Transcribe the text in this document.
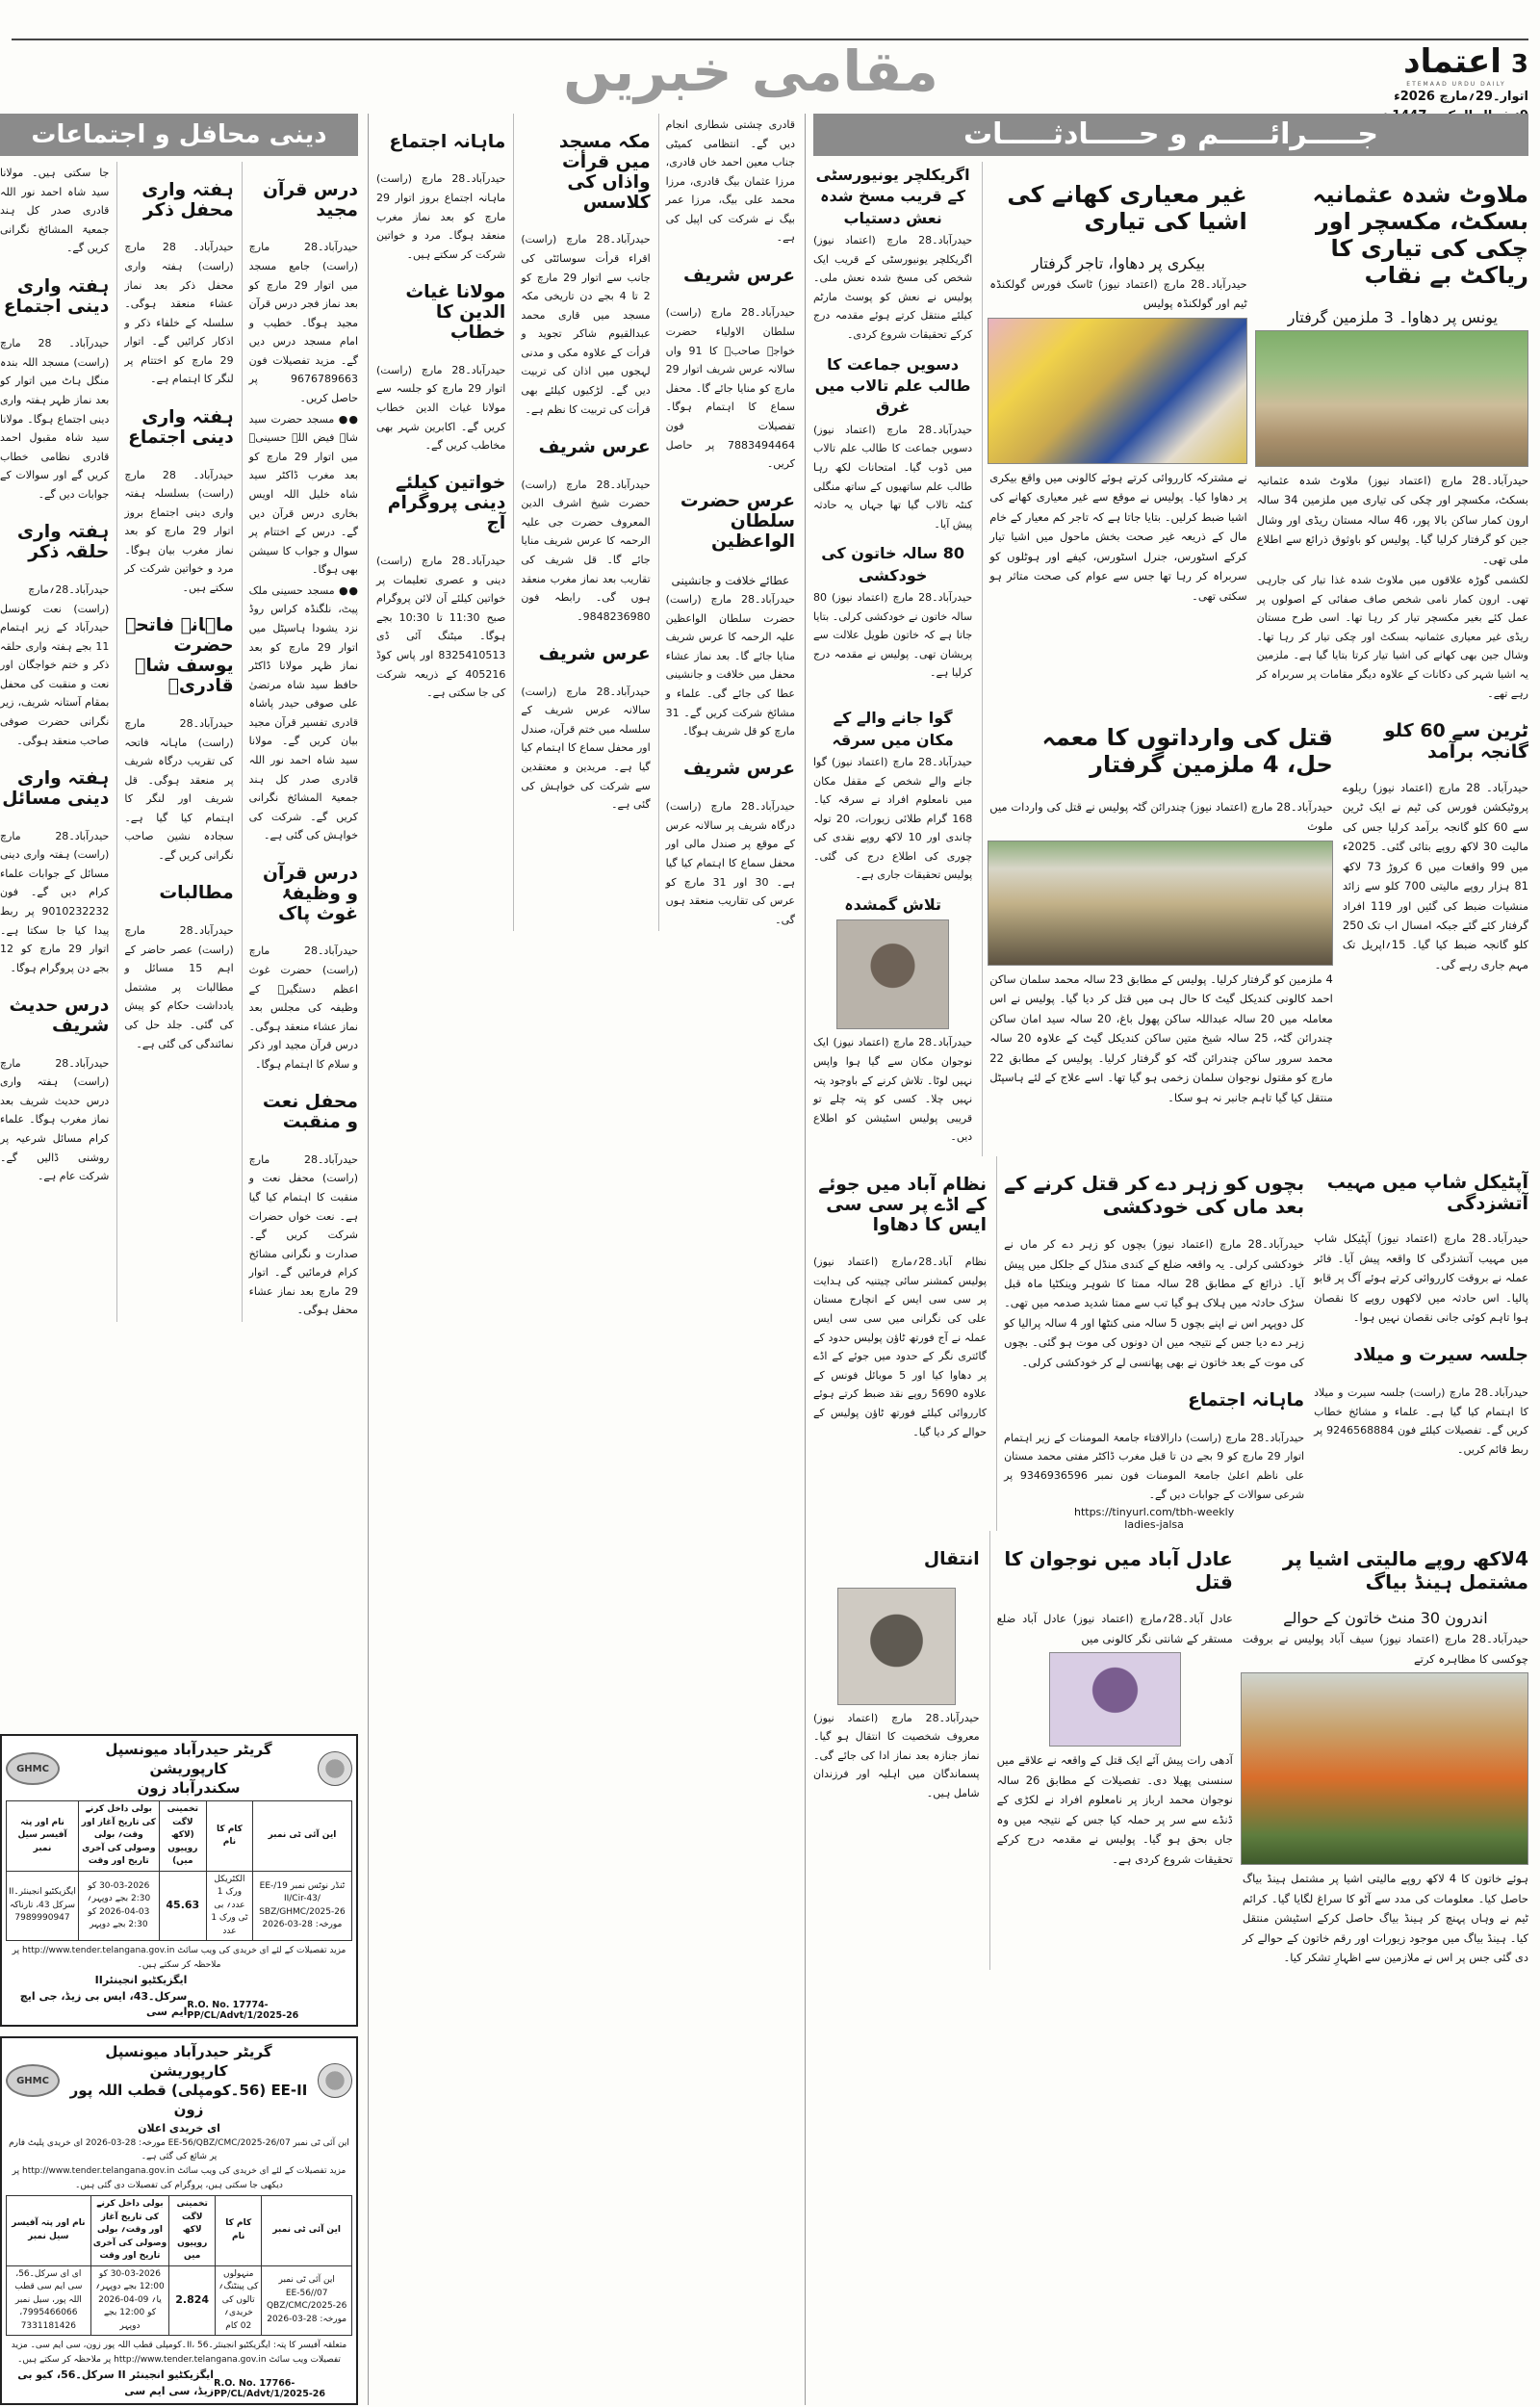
3
اعتماد
ETEMAAD URDU DAILY
اتوار۔29؍مارچ 2026ء
مقامی خبریں
جـــــرائـــــم و حـــــادثـــــات
ملاوٹ شدہ عثمانیہ بسکٹ، مکسچر اور چکی کی تیاری کا ریاکٹ بے نقاب
یونس پر دھاوا۔ 3 ملزمین گرفتار

حیدرآباد۔28 مارچ (اعتماد نیوز) ملاوٹ شدہ عثمانیہ بسکٹ، مکسچر اور چکی کی تیاری میں ملزمین 34 سالہ ارون کمار ساکن بالا پور، 46 سالہ مستان ریڈی اور وشال جین کو گرفتار کرلیا گیا۔ پولیس کو باوثوق ذرائع سے اطلاع ملی تھی۔

لکشمی گوڑہ علاقوں میں ملاوٹ شدہ غذا تیار کی جارہی تھی۔ ارون کمار نامی شخص صاف صفائی کے اصولوں پر عمل کئے بغیر مکسچر تیار کر رہا تھا۔ اسی طرح مستان ریڈی غیر معیاری عثمانیہ بسکٹ اور چکی تیار کر رہا تھا۔ وشال جین بھی کھانے کی اشیا تیار کرتا بتایا گیا ہے۔ ملزمین یہ اشیا شہر کی دکانات کے علاوہ دیگر مقامات پر سربراہ کر رہے تھے۔

غیر معیاری کھانے کی اشیا کی تیاری
بیکری پر دھاوا، تاجر گرفتار

حیدرآباد۔28 مارچ (اعتماد نیوز) ٹاسک فورس گولکنڈہ ٹیم اور گولکنڈہ پولیس

نے مشترکہ کارروائی کرتے ہوئے کالونی میں واقع بیکری پر دھاوا کیا۔ پولیس نے موقع سے غیر معیاری کھانے کی اشیا ضبط کرلیں۔ بتایا جاتا ہے کہ تاجر کم معیار کے خام مال کے ذریعہ غیر صحت بخش ماحول میں اشیا تیار کرکے اسٹورس، جنرل اسٹورس، کیفے اور ہوٹلوں کو سربراہ کر رہا تھا جس سے عوام کی صحت متاثر ہو سکتی تھی۔

اگریکلچر یونیورسٹی کے قریب مسخ شدہ نعش دستیاب

حیدرآباد۔28 مارچ (اعتماد نیوز) اگریکلچر یونیورسٹی کے قریب ایک شخص کی مسخ شدہ نعش ملی۔ پولیس نے نعش کو پوسٹ مارٹم کیلئے منتقل کرتے ہوئے مقدمہ درج کرکے تحقیقات شروع کردی۔

دسویں جماعت کا طالب علم تالاب میں غرق

حیدرآباد۔28 مارچ (اعتماد نیوز) دسویں جماعت کا طالب علم تالاب میں ڈوب گیا۔ امتحانات لکھ رہا طالب علم ساتھیوں کے ساتھ منگلی کنٹہ تالاب گیا تھا جہاں یہ حادثہ پیش آیا۔

80 سالہ خاتون کی خودکشی

حیدرآباد۔28 مارچ (اعتماد نیوز) 80 سالہ خاتون نے خودکشی کرلی۔ بتایا جاتا ہے کہ خاتون طویل علالت سے پریشان تھی۔ پولیس نے مقدمہ درج کرلیا ہے۔

ٹرین سے 60 کلو گانجہ برآمد

حیدرآباد۔ 28 مارچ (اعتماد نیوز) ریلوے پروٹیکشن فورس کی ٹیم نے ایک ٹرین سے 60 کلو گانجہ برآمد کرلیا جس کی مالیت 30 لاکھ روپے بتائی گئی۔ 2025ء میں 99 واقعات میں 6 کروڑ 73 لاکھ 81 ہزار روپے مالیتی 700 کلو سے زائد منشیات ضبط کی گئیں اور 119 افراد گرفتار کئے گئے جبکہ امسال اب تک 250 کلو گانجہ ضبط کیا گیا۔ 15؍اپریل تک مہم جاری رہے گی۔

قتل کی وارداتوں کا معمہ حل، 4 ملزمین گرفتار

حیدرآباد۔28 مارچ (اعتماد نیوز) چندرائن گٹہ پولیس نے قتل کی واردات میں ملوث

4 ملزمین کو گرفتار کرلیا۔ پولیس کے مطابق 23 سالہ محمد سلمان ساکن احمد کالونی کندیکل گیٹ کا حال ہی میں قتل کر دیا گیا۔ پولیس نے اس معاملہ میں 20 سالہ عبداللہ ساکن پھول باغ، 20 سالہ سید امان ساکن چندرائن گٹہ، 25 سالہ شیخ متین ساکن کندیکل گیٹ کے علاوہ 20 سالہ محمد سرور ساکن چندرائن گٹہ کو گرفتار کرلیا۔ پولیس کے مطابق 22 مارچ کو مقتول نوجوان سلمان زخمی ہو گیا تھا۔ اسے علاج کے لئے ہاسپٹل منتقل کیا گیا تاہم جانبر نہ ہو سکا۔

گوا جانے والے کے مکان میں سرقہ

حیدرآباد۔28 مارچ (اعتماد نیوز) گوا جانے والے شخص کے مقفل مکان میں نامعلوم افراد نے سرقہ کیا۔ 168 گرام طلائی زیورات، 20 تولہ چاندی اور 10 لاکھ روپے نقدی کی چوری کی اطلاع درج کی گئی۔ پولیس تحقیقات جاری ہے۔

تلاش گمشدہ

حیدرآباد۔28 مارچ (اعتماد نیوز) ایک نوجوان مکان سے گیا ہوا واپس نہیں لوٹا۔ تلاش کرنے کے باوجود پتہ نہیں چلا۔ کسی کو پتہ چلے تو قریبی پولیس اسٹیشن کو اطلاع دیں۔

آپٹیکل شاپ میں مہیب آتشزدگی

حیدرآباد۔28 مارچ (اعتماد نیوز) آپٹیکل شاپ میں مہیب آتشزدگی کا واقعہ پیش آیا۔ فائر عملہ نے بروقت کارروائی کرتے ہوئے آگ پر قابو پالیا۔ اس حادثہ میں لاکھوں روپے کا نقصان ہوا تاہم کوئی جانی نقصان نہیں ہوا۔

جلسہ سیرت و میلاد

حیدرآباد۔28 مارچ (راست) جلسہ سیرت و میلاد کا اہتمام کیا گیا ہے۔ علماء و مشائخ خطاب کریں گے۔ تفصیلات کیلئے فون 9246568884 پر ربط قائم کریں۔

بچوں کو زہر دے کر قتل کرنے کے بعد ماں کی خودکشی

حیدرآباد۔28 مارچ (اعتماد نیوز) بچوں کو زہر دے کر ماں نے خودکشی کرلی۔ یہ واقعہ ضلع کے کندی منڈل کے جلکل میں پیش آیا۔ ذرائع کے مطابق 28 سالہ ممتا کا شوہر وینکٹیا ماہ قبل سڑک حادثہ میں ہلاک ہو گیا تب سے ممتا شدید صدمہ میں تھی۔ کل دوپہر اس نے اپنے بچوں 5 سالہ منی کنٹھا اور 4 سالہ پرالیا کو زہر دے دیا جس کے نتیجہ میں ان دونوں کی موت ہو گئی۔ بچوں کی موت کے بعد خاتون نے بھی پھانسی لے کر خودکشی کرلی۔

ماہانہ اجتماع

حیدرآباد۔28 مارچ (راست) دارالافتاء جامعۃ المومنات کے زیر اہتمام اتوار 29 مارچ کو 9 بجے دن تا قبل مغرب ڈاکٹر مفتی محمد مستان علی ناظم اعلیٰ جامعۃ المومنات فون نمبر 9346936596 پر شرعی سوالات کے جوابات دیں گے۔

https://tinyurl.com/tbh-weekly
ladies-jalsa
نظام آباد میں جوئے کے اڈے پر سی سی ایس کا دھاوا

نظام آباد۔28؍مارچ (اعتماد نیوز) پولیس کمشنر سائی چیتنیہ کی ہدایت پر سی سی ایس کے انچارج مستان علی کی نگرانی میں سی سی ایس عملہ نے آج فورتھ ٹاؤن پولیس حدود کے گائتری نگر کے حدود میں جوئے کے اڈے پر دھاوا کیا اور 5 موبائل فونس کے علاوہ 5690 روپے نقد ضبط کرتے ہوئے کارروائی کیلئے فورتھ ٹاؤن پولیس کے حوالے کر دیا گیا۔

4لاکھ روپے مالیتی اشیا پر مشتمل ہینڈ بیاگ
اندرون 30 منٹ خاتون کے حوالے

حیدرآباد۔28 مارچ (اعتماد نیوز) سیف آباد پولیس نے بروقت چوکسی کا مظاہرہ کرتے

ہوئے خاتون کا 4 لاکھ روپے مالیتی اشیا پر مشتمل ہینڈ بیاگ حاصل کیا۔ معلومات کی مدد سے آٹو کا سراغ لگایا گیا۔ کرائم ٹیم نے وہاں پہنچ کر ہینڈ بیاگ حاصل کرکے اسٹیشن منتقل کیا۔ ہینڈ بیاگ میں موجود زیورات اور رقم خاتون کے حوالے کر دی گئی جس پر اس نے ملازمین سے اظہارِ تشکر کیا۔

عادل آباد میں نوجوان کا قتل

عادل آباد۔28؍مارچ (اعتماد نیوز) عادل آباد ضلع مستقر کے شانتی نگر کالونی میں

آدھی رات پیش آئے ایک قتل کے واقعہ نے علاقے میں سنسنی پھیلا دی۔ تفصیلات کے مطابق 26 سالہ نوجوان محمد ارباز پر نامعلوم افراد نے لکڑی کے ڈنڈے سے سر پر حملہ کیا جس کے نتیجہ میں وہ جاں بحق ہو گیا۔ پولیس نے مقدمہ درج کرکے تحقیقات شروع کردی ہے۔

انتقال

حیدرآباد۔28 مارچ (اعتماد نیوز) معروف شخصیت کا انتقال ہو گیا۔ نماز جنازہ بعد نماز ادا کی جائے گی۔ پسماندگان میں اہلیہ اور فرزندان شامل ہیں۔

قادری چشتی شطاری انجام دیں گے۔ انتظامی کمیٹی جناب معین احمد خاں قادری، مرزا عثمان بیگ قادری، مرزا محمد علی بیگ، مرزا عمر بیگ نے شرکت کی اپیل کی ہے۔

عرس شریف

حیدرآباد۔28 مارچ (راست) سلطان الاولیاء حضرت خواجہ صاحبؒ کا 91 واں سالانہ عرس شریف اتوار 29 مارچ کو منایا جائے گا۔ محفل سماع کا اہتمام ہوگا۔ تفصیلات فون 7883494464 پر حاصل کریں۔

عرس حضرت سلطان الواعظین
عطائے خلافت و جانشینی

حیدرآباد۔28 مارچ (راست) حضرت سلطان الواعظین علیہ الرحمہ کا عرس شریف منایا جائے گا۔ بعد نماز عشاء محفل میں خلافت و جانشینی عطا کی جائے گی۔ علماء و مشائخ شرکت کریں گے۔ 31 مارچ کو قل شریف ہوگا۔

عرس شریف

حیدرآباد۔28 مارچ (راست) درگاہ شریف پر سالانہ عرس کے موقع پر صندل مالی اور محفل سماع کا اہتمام کیا گیا ہے۔ 30 اور 31 مارچ کو عرس کی تقاریب منعقد ہوں گی۔

مکہ مسجد میں قرأت واذاں کی کلاسس

حیدرآباد۔28 مارچ (راست) اقراء قرأت سوسائٹی کی جانب سے اتوار 29 مارچ کو 2 تا 4 بجے دن تاریخی مکہ مسجد میں قاری محمد عبدالقیوم شاکر تجوید و قرأت کے علاوہ مکی و مدنی لہجوں میں اذان کی تربیت دیں گے۔ لڑکیوں کیلئے بھی قرأت کی تربیت کا نظم ہے۔

عرس شریف

حیدرآباد۔28 مارچ (راست) حضرت شیخ اشرف الدین المعروف حضرت جی علیہ الرحمہ کا عرس شریف منایا جائے گا۔ قل شریف کی تقاریب بعد نماز مغرب منعقد ہوں گی۔ رابطہ فون 9848236980۔

عرس شریف

حیدرآباد۔28 مارچ (راست) سالانہ عرس شریف کے سلسلہ میں ختم قرآن، صندل اور محفل سماع کا اہتمام کیا گیا ہے۔ مریدین و معتقدین سے شرکت کی خواہش کی گئی ہے۔

ماہانہ اجتماع

حیدرآباد۔28 مارچ (راست) ماہانہ اجتماع بروز اتوار 29 مارچ کو بعد نماز مغرب منعقد ہوگا۔ مرد و خواتین شرکت کر سکتے ہیں۔

مولانا غیاث الدین کا خطاب

حیدرآباد۔28 مارچ (راست) اتوار 29 مارچ کو جلسہ سے مولانا غیاث الدین خطاب کریں گے۔ اکابرین شہر بھی مخاطب کریں گے۔

خواتین کیلئے دینی پروگرام آج

حیدرآباد۔28 مارچ (راست) دینی و عصری تعلیمات پر خواتین کیلئے آن لائن پروگرام صبح 11:30 تا 10:30 بجے ہوگا۔ میٹنگ آئی ڈی 8325410513 اور پاس کوڈ 405216 کے ذریعہ شرکت کی جا سکتی ہے۔

دینی محافل و اجتماعات
درس قرآن مجید

حیدرآباد۔28 مارچ (راست) جامع مسجد میں اتوار 29 مارچ کو بعد نماز فجر درس قرآن مجید ہوگا۔ خطیب و امام مسجد درس دیں گے۔ مزید تفصیلات فون 9676789663 پر حاصل کریں۔

●● مسجد حضرت سید شاہ فیض اللہ حسینیؒ میں اتوار 29 مارچ کو بعد مغرب ڈاکٹر سید شاہ خلیل اللہ اویس بخاری درس قرآن دیں گے۔ درس کے اختتام پر سوال و جواب کا سیشن بھی ہوگا۔

●● مسجد حسینی ملک پیٹ، نلگنڈہ کراس روڈ نزد یشودا ہاسپٹل میں اتوار 29 مارچ کو بعد نماز ظہر مولانا ڈاکٹر حافظ سید شاہ مرتضیٰ علی صوفی حیدر پاشاہ قادری تفسیر قرآن مجید بیان کریں گے۔ مولانا سید شاہ احمد نور اللہ قادری صدر کل ہند جمعیۃ المشائخ نگرانی کریں گے۔ شرکت کی خواہش کی گئی ہے۔

درس قرآن و وظیفۂ غوث پاک

حیدرآباد۔28 مارچ (راست) حضرت غوث اعظم دستگیرؒ کے وظیفہ کی مجلس بعد نماز عشاء منعقد ہوگی۔ درس قرآن مجید اور ذکر و سلام کا اہتمام ہوگا۔

محفل نعت و منقبت

حیدرآباد۔28 مارچ (راست) محفل نعت و منقبت کا اہتمام کیا گیا ہے۔ نعت خواں حضرات شرکت کریں گے۔ صدارت و نگرانی مشائخ کرام فرمائیں گے۔ اتوار 29 مارچ بعد نماز عشاء محفل ہوگی۔

ہفتہ واری محفل ذکر

حیدرآباد۔ 28 مارچ (راست) ہفتہ واری محفل ذکر بعد نماز عشاء منعقد ہوگی۔ سلسلہ کے خلفاء ذکر و اذکار کرائیں گے۔ اتوار 29 مارچ کو اختتام پر لنگر کا اہتمام ہے۔

ہفتہ واری دینی اجتماع

حیدرآباد۔ 28 مارچ (راست) بسلسلہ ہفتہ واری دینی اجتماع بروز اتوار 29 مارچ کو بعد نماز مغرب بیان ہوگا۔ مرد و خواتین شرکت کر سکتے ہیں۔

ماہانہ فاتحہ حضرت یوسف شاہ قادریؒ

حیدرآباد۔28 مارچ (راست) ماہانہ فاتحہ کی تقریب درگاہ شریف پر منعقد ہوگی۔ قل شریف اور لنگر کا اہتمام کیا گیا ہے۔ سجادہ نشین صاحب نگرانی کریں گے۔

مطالبات

حیدرآباد۔28 مارچ (راست) عصر حاضر کے اہم 15 مسائل و مطالبات پر مشتمل یادداشت حکام کو پیش کی گئی۔ جلد حل کی نمائندگی کی گئی ہے۔

جا سکتی ہیں۔ مولانا سید شاہ احمد نور اللہ قادری صدر کل ہند جمعیۃ المشائخ نگرانی کریں گے۔

ہفتہ واری دینی اجتماع

حیدرآباد۔ 28 مارچ (راست) مسجد اللہ بندہ منگل ہاٹ میں اتوار کو بعد نماز ظہر ہفتہ واری دینی اجتماع ہوگا۔ مولانا سید شاہ مقبول احمد قادری نظامی خطاب کریں گے اور سوالات کے جوابات دیں گے۔

ہفتہ واری حلقہ ذکر

حیدرآباد۔28؍مارچ (راست) نعت کونسل حیدرآباد کے زیر اہتمام 11 بجے ہفتہ واری حلقہ ذکر و ختم خواجگان اور نعت و منقبت کی محفل بمقام آستانہ شریف، زیر نگرانی حضرت صوفی صاحب منعقد ہوگی۔

ہفتہ واری دینی مسائل

حیدرآباد۔28 مارچ (راست) ہفتہ واری دینی مسائل کے جوابات علماء کرام دیں گے۔ فون 9010232232 پر ربط پیدا کیا جا سکتا ہے۔ اتوار 29 مارچ کو 12 بجے دن پروگرام ہوگا۔

درس حدیث شریف

حیدرآباد۔28 مارچ (راست) ہفتہ واری درس حدیث شریف بعد نماز مغرب ہوگا۔ علماء کرام مسائل شرعیہ پر روشنی ڈالیں گے۔ شرکت عام ہے۔

گریٹر حیدرآباد میونسپل کارپوریشن
سکندرآباد زون
GHMC
این آئی ٹی نمبر	کام کا نام	تخمینی لاگت (لاکھ روپیوں میں)	بولی داخل کرنے کی تاریخ آغاز اور وقت؍ بولی وصولی کی آخری تاریخ اور وقت	نام اور پتہ آفیسر سیل نمبر
ٹنڈر نوٹس نمبر 19/EE-II/Cir-43/ SBZ/GHMC/2025-26 مورخہ: 28-03-2026	الکٹریکل ورک 1 عدد؍ بی ٹی ورک 1 عدد	45.63	30-03-2026 کو 2:30 بجے دوپہر؍ 03-04-2026 کو 2:30 بجے دوپہر	ایگزیکٹیو انجینئر۔II سرکل 43، تارناکہ 7989990947

مزید تفصیلات کے لئے ای خریدی کی ویب سائٹ http://www.tender.telangana.gov.in پر ملاحظہ کر سکتے ہیں۔

R.O. No. 17774-PP/CL/Advt/1/2025-26
ایگزیکٹیو انجینئرII
سرکل۔43، ایس بی زیڈ، جی ایچ ایم سی
گریٹر حیدرآباد میونسپل کارپوریشن
EE-II (56۔کومپلی) قطب اللہ پور زون
GHMC
ای خریدی اعلان

این آئی ٹی نمبر 07/EE-56/QBZ/CMC/2025-26 مورخہ: 28-03-2026 ای خریدی پلیٹ فارم پر شائع کی گئی ہے۔

مزید تفصیلات کے لئے ای خریدی کی ویب سائٹ http://www.tender.telangana.gov.in پر دیکھی جا سکتی ہیں، پروگرام کی تفصیلات دی گئی ہیں۔

این آئی ٹی نمبر	کام کا نام	تخمینی لاگت لاکھ روپیوں میں	بولی داخل کرنے کی تاریخ آغاز اور وقت؍ بولی وصولی کی آخری تاریخ اور وقت	نام اور پتہ آفیسر سیل نمبر
این آئی ٹی نمبر 07/EE-56/ QBZ/CMC/2025-26 مورخہ: 28-03-2026	منہولوں کی پینٹنگ؍ تالوں کی خریدی؍ 02 کام	2.824	30-03-2026 کو 12:00 بجے دوپہر؍ یا؍ 09-04-2026 کو 12:00 بجے دوپہر	ای ای سرکل۔56، سی ایم سی قطب اللہ پور، سیل نمبر 7995466066، 7331181426

متعلقہ آفیسر کا پتہ: ایگزیکٹیو انجینئر۔II، 56۔کومپلی قطب اللہ پور زون، سی ایم سی۔ مزید تفصیلات ویب سائٹ http://www.tender.telangana.gov.in پر ملاحظہ کر سکتے ہیں۔

R.O. No. 17766-PP/CL/Advt/1/2025-26
ایگزیکٹیو انجینئر II سرکل۔56، کیو بی زیڈ، سی ایم سی
